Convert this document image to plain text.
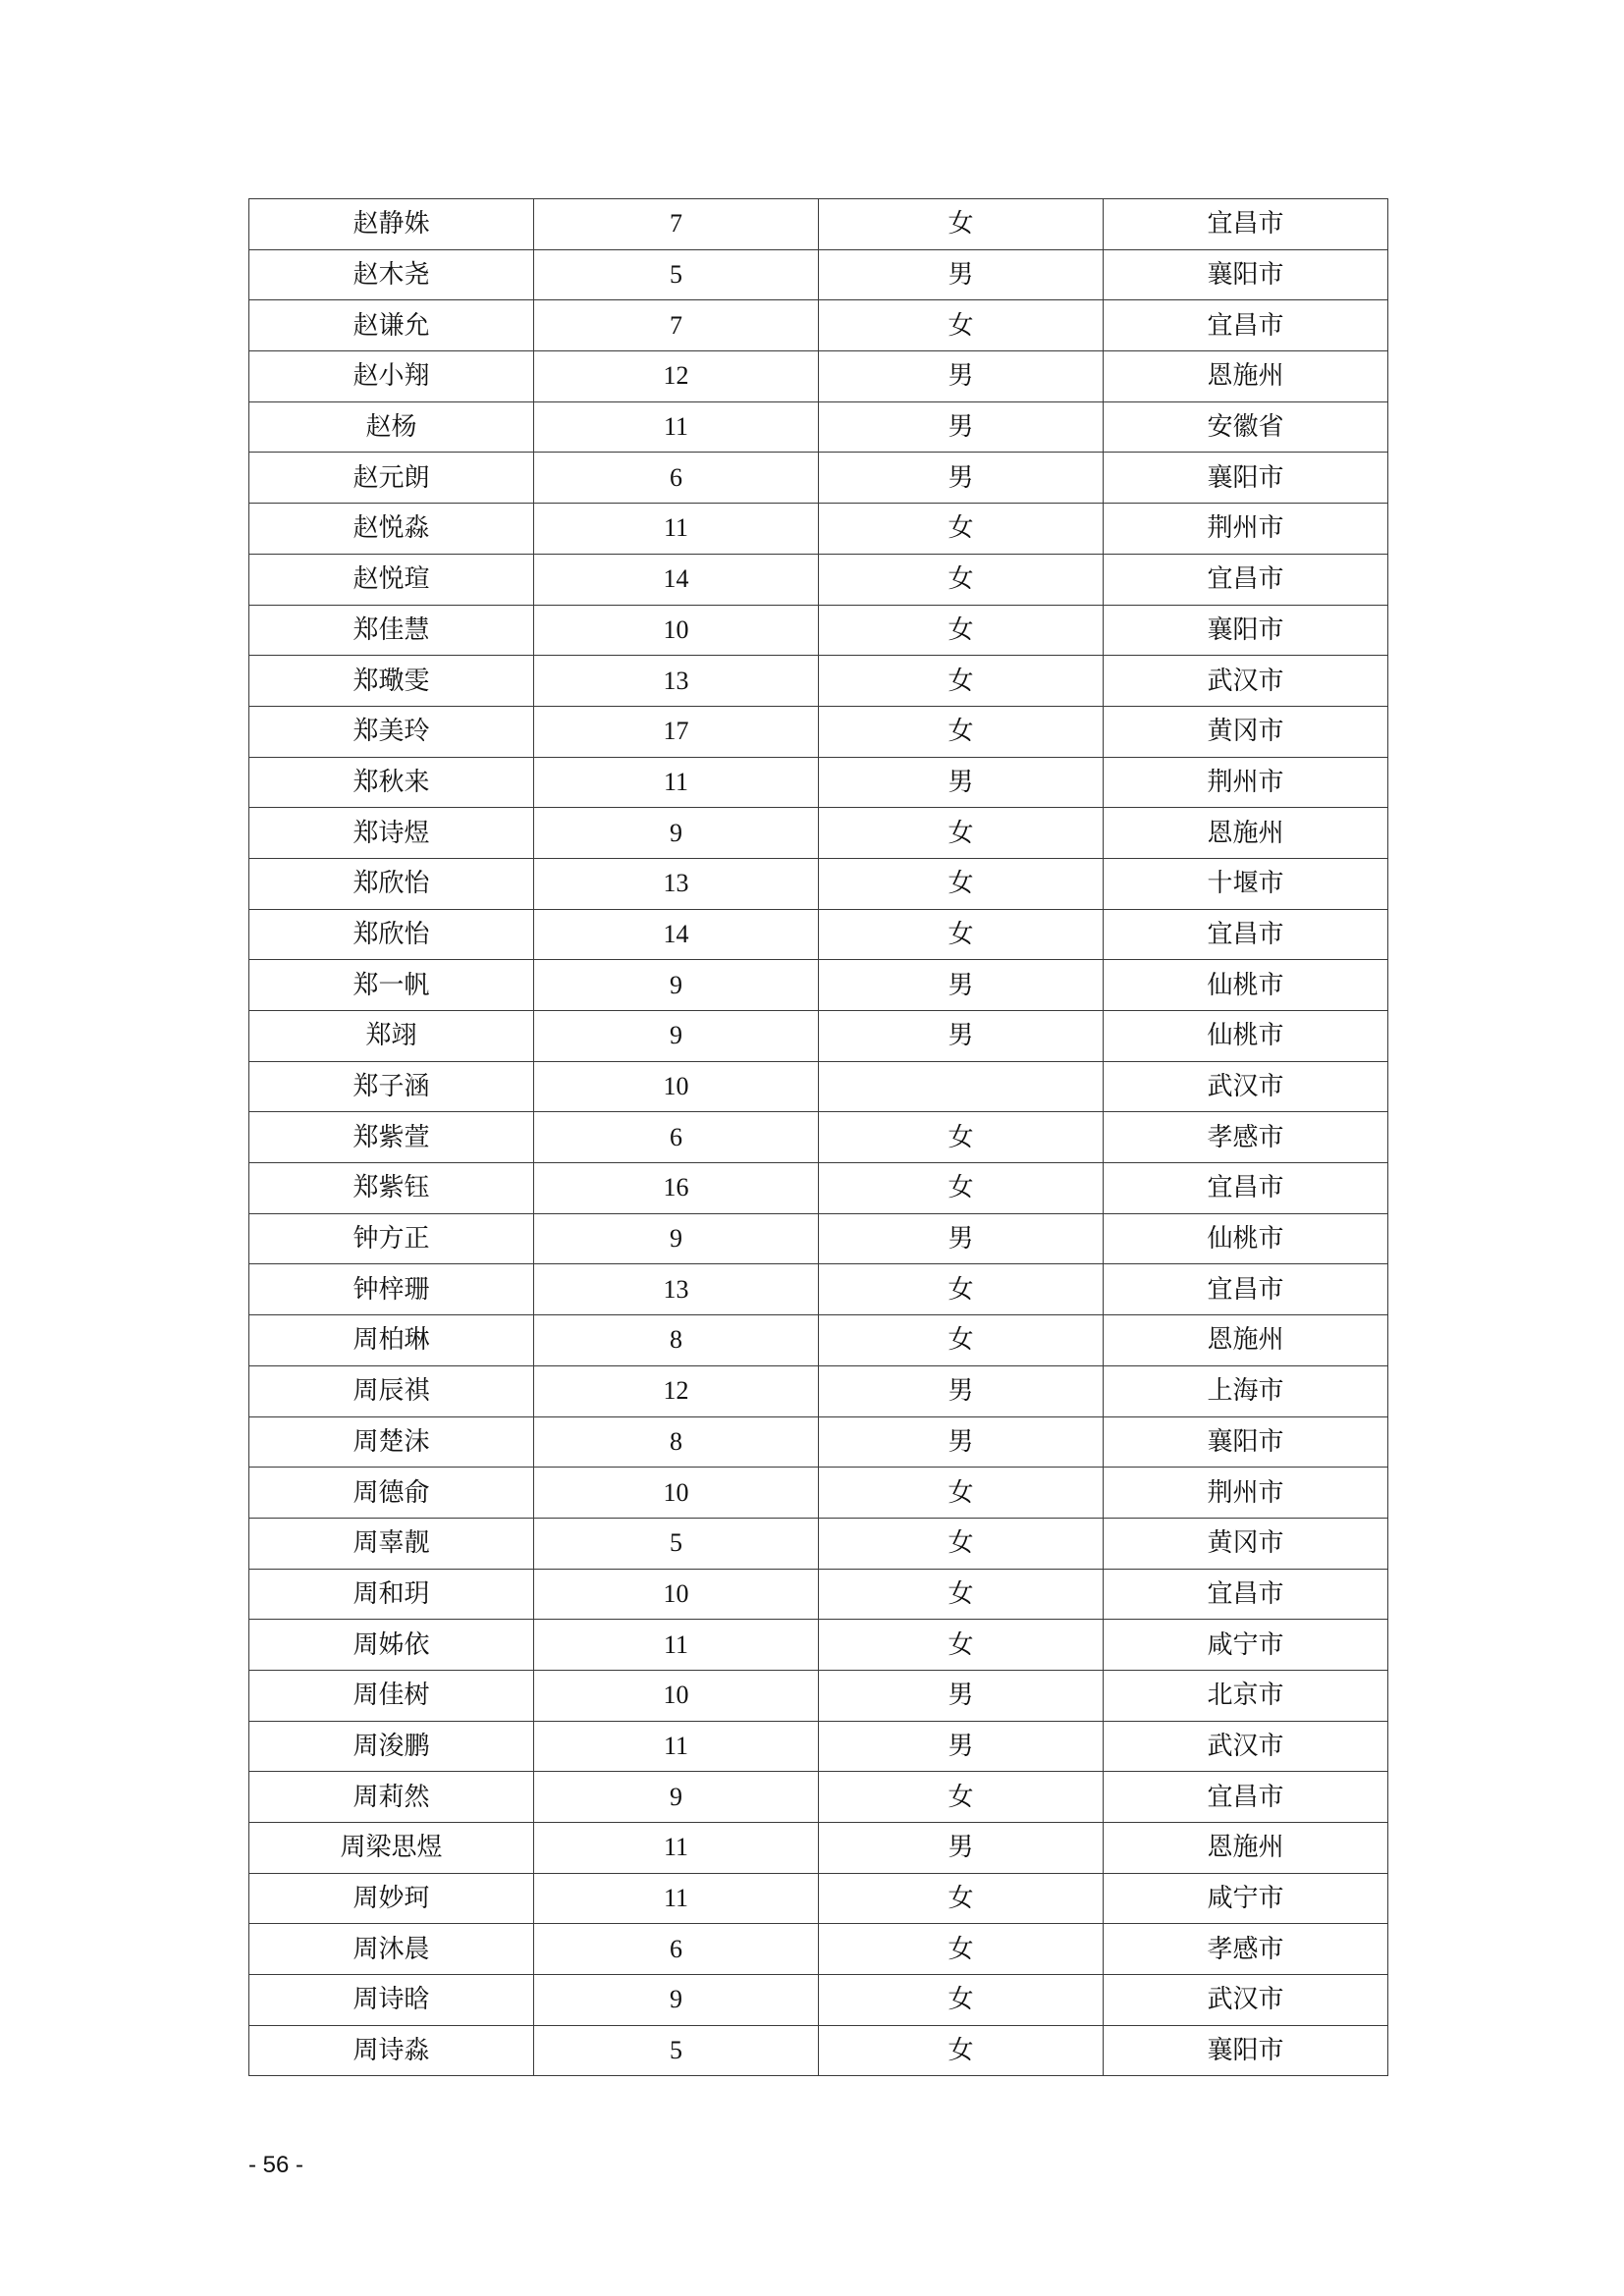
赵静姝	7	女	宜昌市
赵木尧	5	男	襄阳市
赵谦允	7	女	宜昌市
赵小翔	12	男	恩施州
赵杨	11	男	安徽省
赵元朗	6	男	襄阳市
赵悦淼	11	女	荆州市
赵悦瑄	14	女	宜昌市
郑佳慧	10	女	襄阳市
郑璥雯	13	女	武汉市
郑美玲	17	女	黄冈市
郑秋来	11	男	荆州市
郑诗煜	9	女	恩施州
郑欣怡	13	女	十堰市
郑欣怡	14	女	宜昌市
郑一帆	9	男	仙桃市
郑翊	9	男	仙桃市
郑子涵	10		武汉市
郑紫萱	6	女	孝感市
郑紫钰	16	女	宜昌市
钟方正	9	男	仙桃市
钟梓珊	13	女	宜昌市
周柏琳	8	女	恩施州
周辰祺	12	男	上海市
周楚沫	8	男	襄阳市
周德俞	10	女	荆州市
周辜靓	5	女	黄冈市
周和玥	10	女	宜昌市
周姊依	11	女	咸宁市
周佳树	10	男	北京市
周浚鹏	11	男	武汉市
周莉然	9	女	宜昌市
周梁思煜	11	男	恩施州
周妙珂	11	女	咸宁市
周沐晨	6	女	孝感市
周诗晗	9	女	武汉市
周诗淼	5	女	襄阳市
- 56 -
